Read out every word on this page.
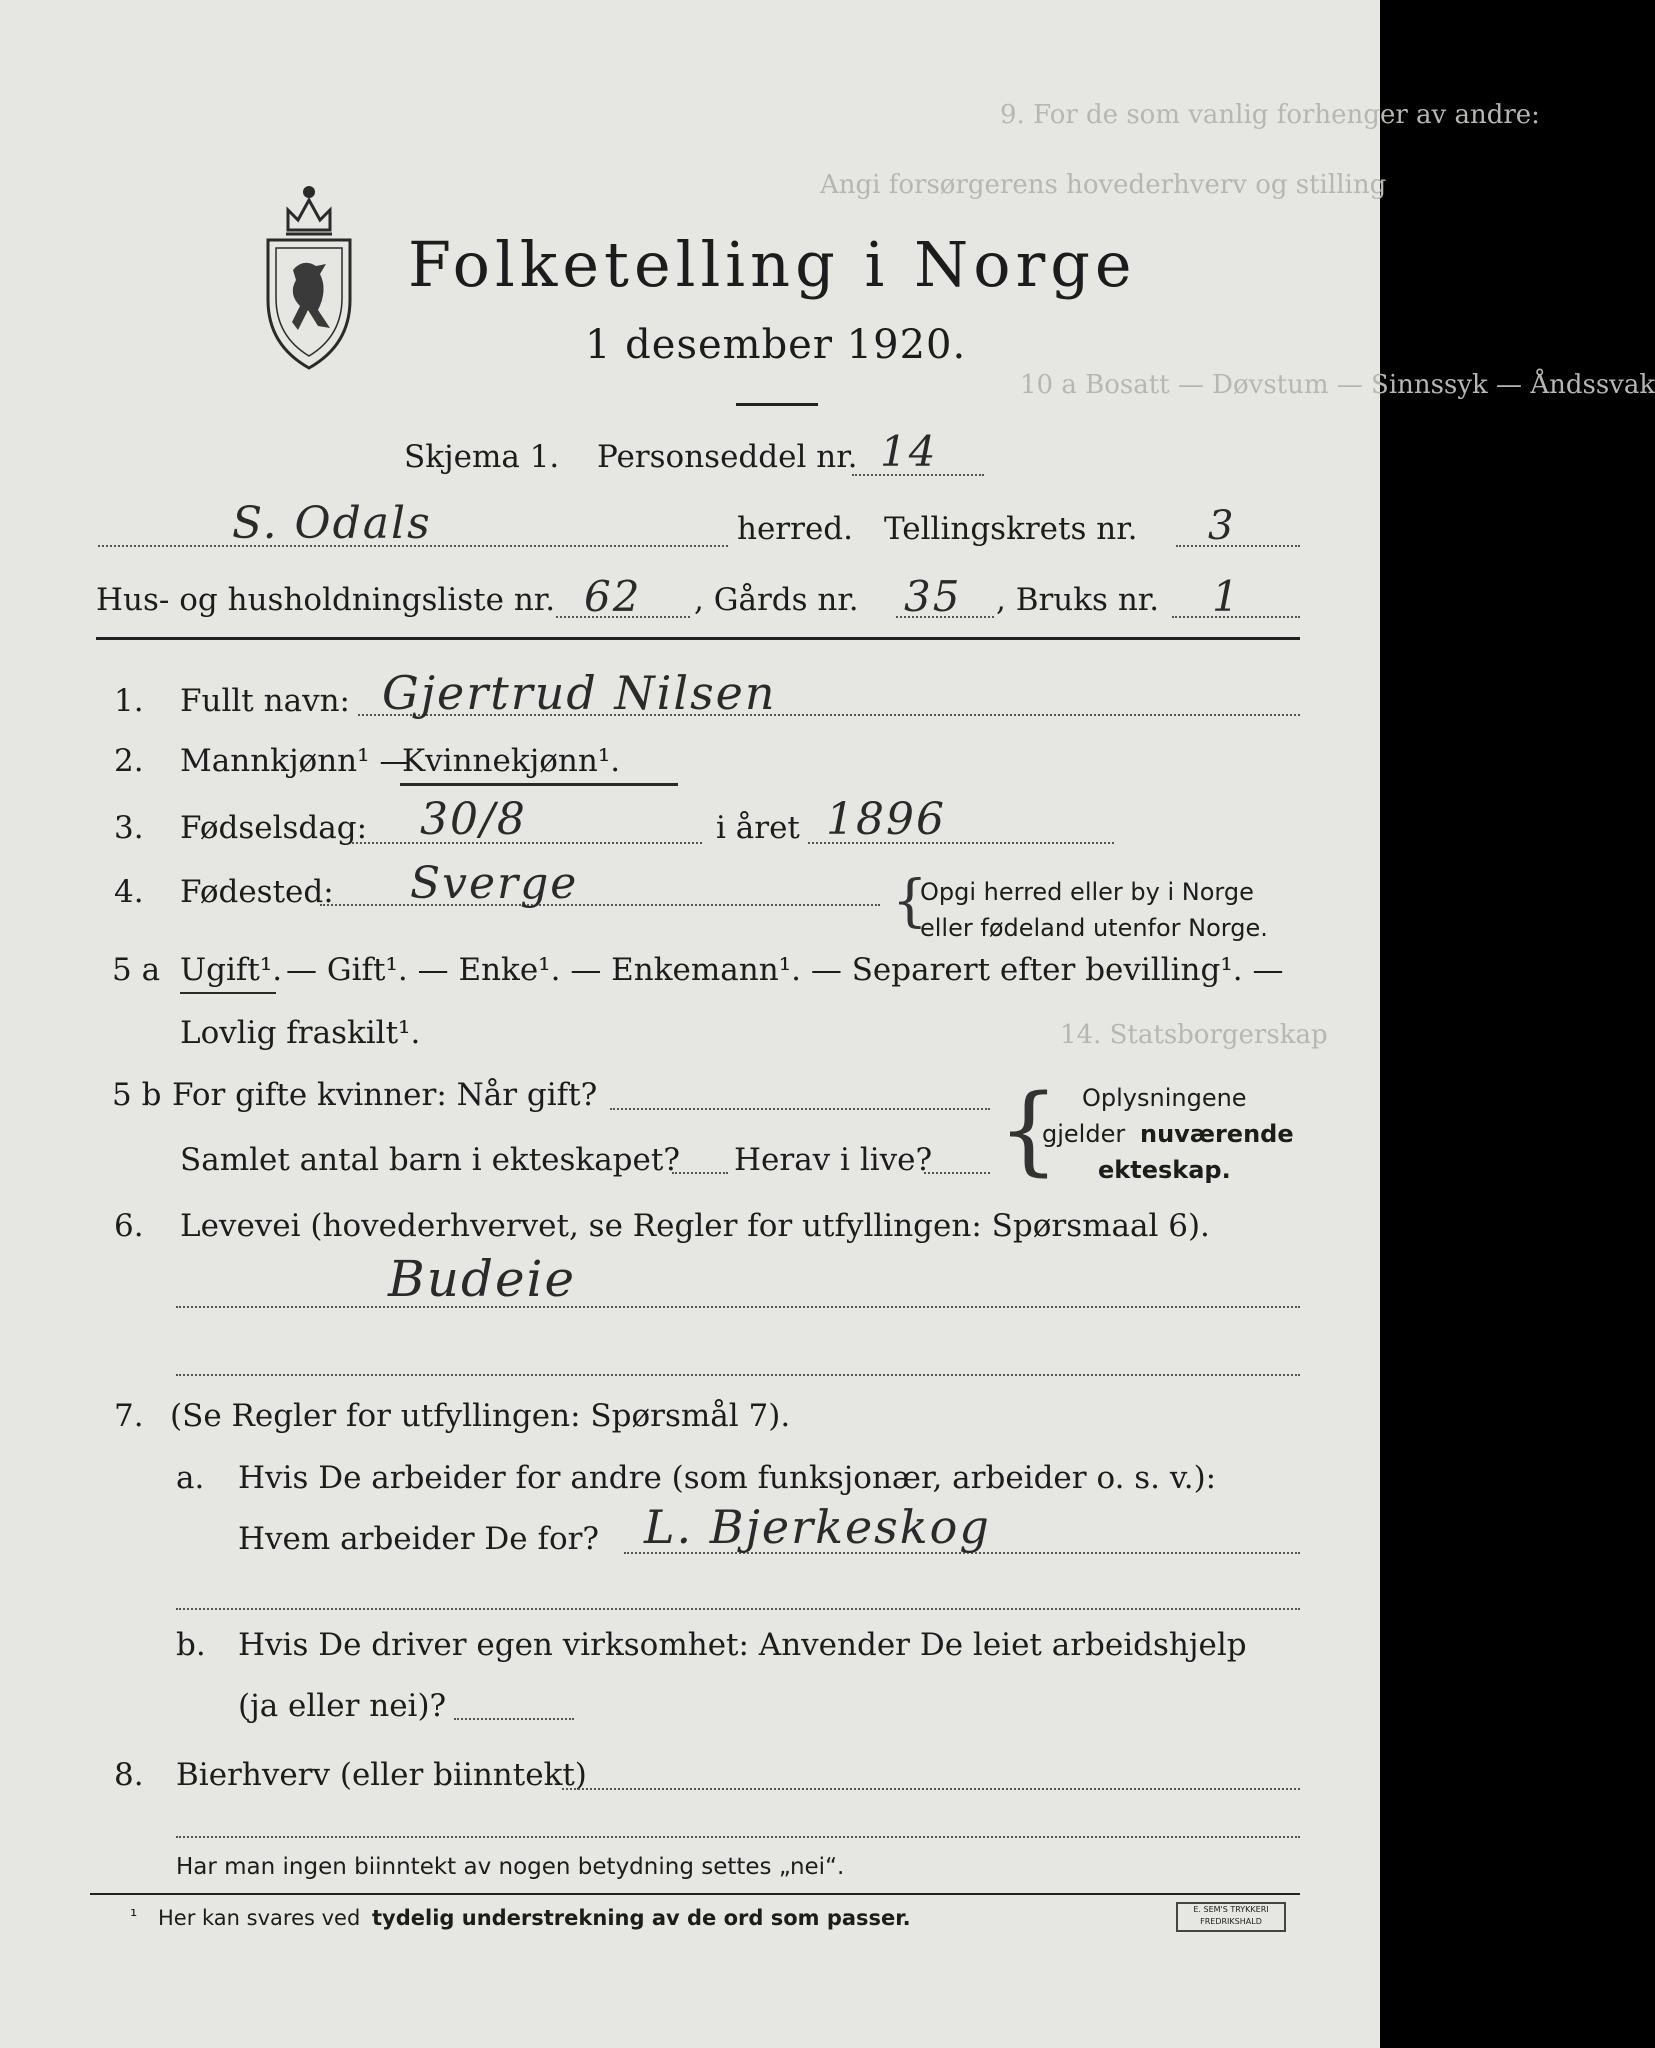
9. For de som vanlig forhenger av andre:
Angi forsørgerens hovederhverv og stilling
10 a Bosatt — Døvstum — Sinnssyk — Åndssvak
14. Statsborgerskap
Folketelling i Norge
1 desember 1920.
Skjema 1. Personseddel nr. 14
S. Odals	herred. Tellingskrets nr. 3
Hus- og husholdningsliste nr. 62 , Gårds nr. 35 , Bruks nr. 1
1. Fullt navn: Gjertrud Nilsen
2. Mannkjønn¹ —
Kvinnekjønn¹.
3. Fødselsdag: 30/8	i året 1896
4. Fødested: Sverge	{
Opgi herred eller by i Norge
eller fødeland utenfor Norge.
5 a Ugift¹. — Gift¹. — Enke¹. — Enkemann¹. — Separert efter bevilling¹. —
Lovlig fraskilt¹.
5 b For gifte kvinner: Når gift?
Samlet antal barn i ekteskapet? Herav i live? { Oplysningene
gjelder nuværende
ekteskap.
6. Levevei (hovederhvervet, se Regler for utfyllingen: Spørsmaal 6).
Budeie
7. (Se Regler for utfyllingen: Spørsmål 7).
a. Hvis De arbeider for andre (som funksjonær, arbeider o. s. v.):
Hvem arbeider De for? L. Bjerkeskog
b. Hvis De driver egen virksomhet: Anvender De leiet arbeidshjelp
(ja eller nei)?
8. Bierhverv (eller biinntekt)
Har man ingen biinntekt av nogen betydning settes „nei“.
¹ Her kan svares ved tydelig understrekning av de ord som passer.	E. SEM'S TRYKKERI FREDRIKSHALD
